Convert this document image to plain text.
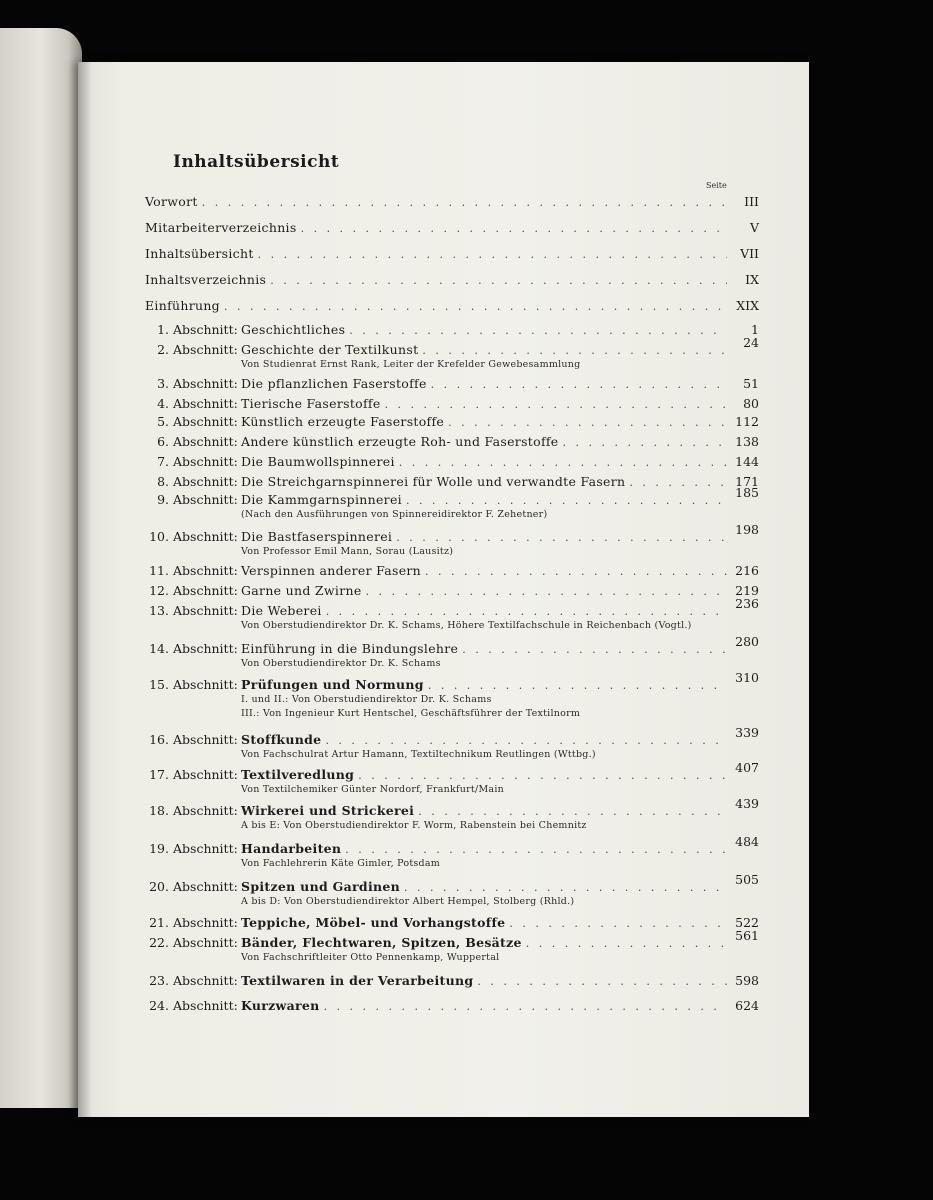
Inhaltsübersicht
Seite
Vorwort . . .	III
Mitarbeiterverzeichnis . . .	V
Inhaltsübersicht . . .	VII
Inhaltsverzeichnis . . .	IX
Einführung . . .	XIX
1. Abschnitt: Geschichtliches . . .	1
2. Abschnitt: Geschichte der Textilkunst . . .	24
Von Studienrat Ernst Rank, Leiter der Krefelder Gewebesammlung
3. Abschnitt: Die pflanzlichen Faserstoffe . . .	51
4. Abschnitt: Tierische Faserstoffe . . .	80
5. Abschnitt: Künstlich erzeugte Faserstoffe . . .	112
6. Abschnitt: Andere künstlich erzeugte Roh- und Faserstoffe . . .	138
7. Abschnitt: Die Baumwollspinnerei . . .	144
8. Abschnitt: Die Streichgarnspinnerei für Wolle und verwandte Fasern . . .	171
9. Abschnitt: Die Kammgarnspinnerei . . .	185
(Nach den Ausführungen von Spinnereidirektor F. Zehetner)
10. Abschnitt: Die Bastfaserspinnerei . . .	198
Von Professor Emil Mann, Sorau (Lausitz)
11. Abschnitt: Verspinnen anderer Fasern . . .	216
12. Abschnitt: Garne und Zwirne . . .	219
13. Abschnitt: Die Weberei . . .	236
Von Oberstudiendirektor Dr. K. Schams, Höhere Textilfachschule in Reichenbach (Vogtl.)
14. Abschnitt: Einführung in die Bindungslehre . . .	280
Von Oberstudiendirektor Dr. K. Schams
15. Abschnitt: Prüfungen und Normung . . .	310
I. und II.: Von Oberstudiendirektor Dr. K. Schams
III.: Von Ingenieur Kurt Hentschel, Geschäftsführer der Textilnorm
16. Abschnitt: Stoffkunde . . .	339
Von Fachschulrat Artur Hamann, Textiltechnikum Reutlingen (Wttbg.)
17. Abschnitt: Textilveredlung . . .	407
Von Textilchemiker Günter Nordorf, Frankfurt/Main
18. Abschnitt: Wirkerei und Strickerei . . .	439
A bis E: Von Oberstudiendirektor F. Worm, Rabenstein bei Chemnitz
19. Abschnitt: Handarbeiten . . .	484
Von Fachlehrerin Käte Gimler, Potsdam
20. Abschnitt: Spitzen und Gardinen . . .	505
A bis D: Von Oberstudiendirektor Albert Hempel, Stolberg (Rhld.)
21. Abschnitt: Teppiche, Möbel- und Vorhangstoffe . . .	522
22. Abschnitt: Bänder, Flechtwaren, Spitzen, Besätze . . .	561
Von Fachschriftleiter Otto Pennenkamp, Wuppertal
23. Abschnitt: Textilwaren in der Verarbeitung . . .	598
24. Abschnitt: Kurzwaren . . .	624
